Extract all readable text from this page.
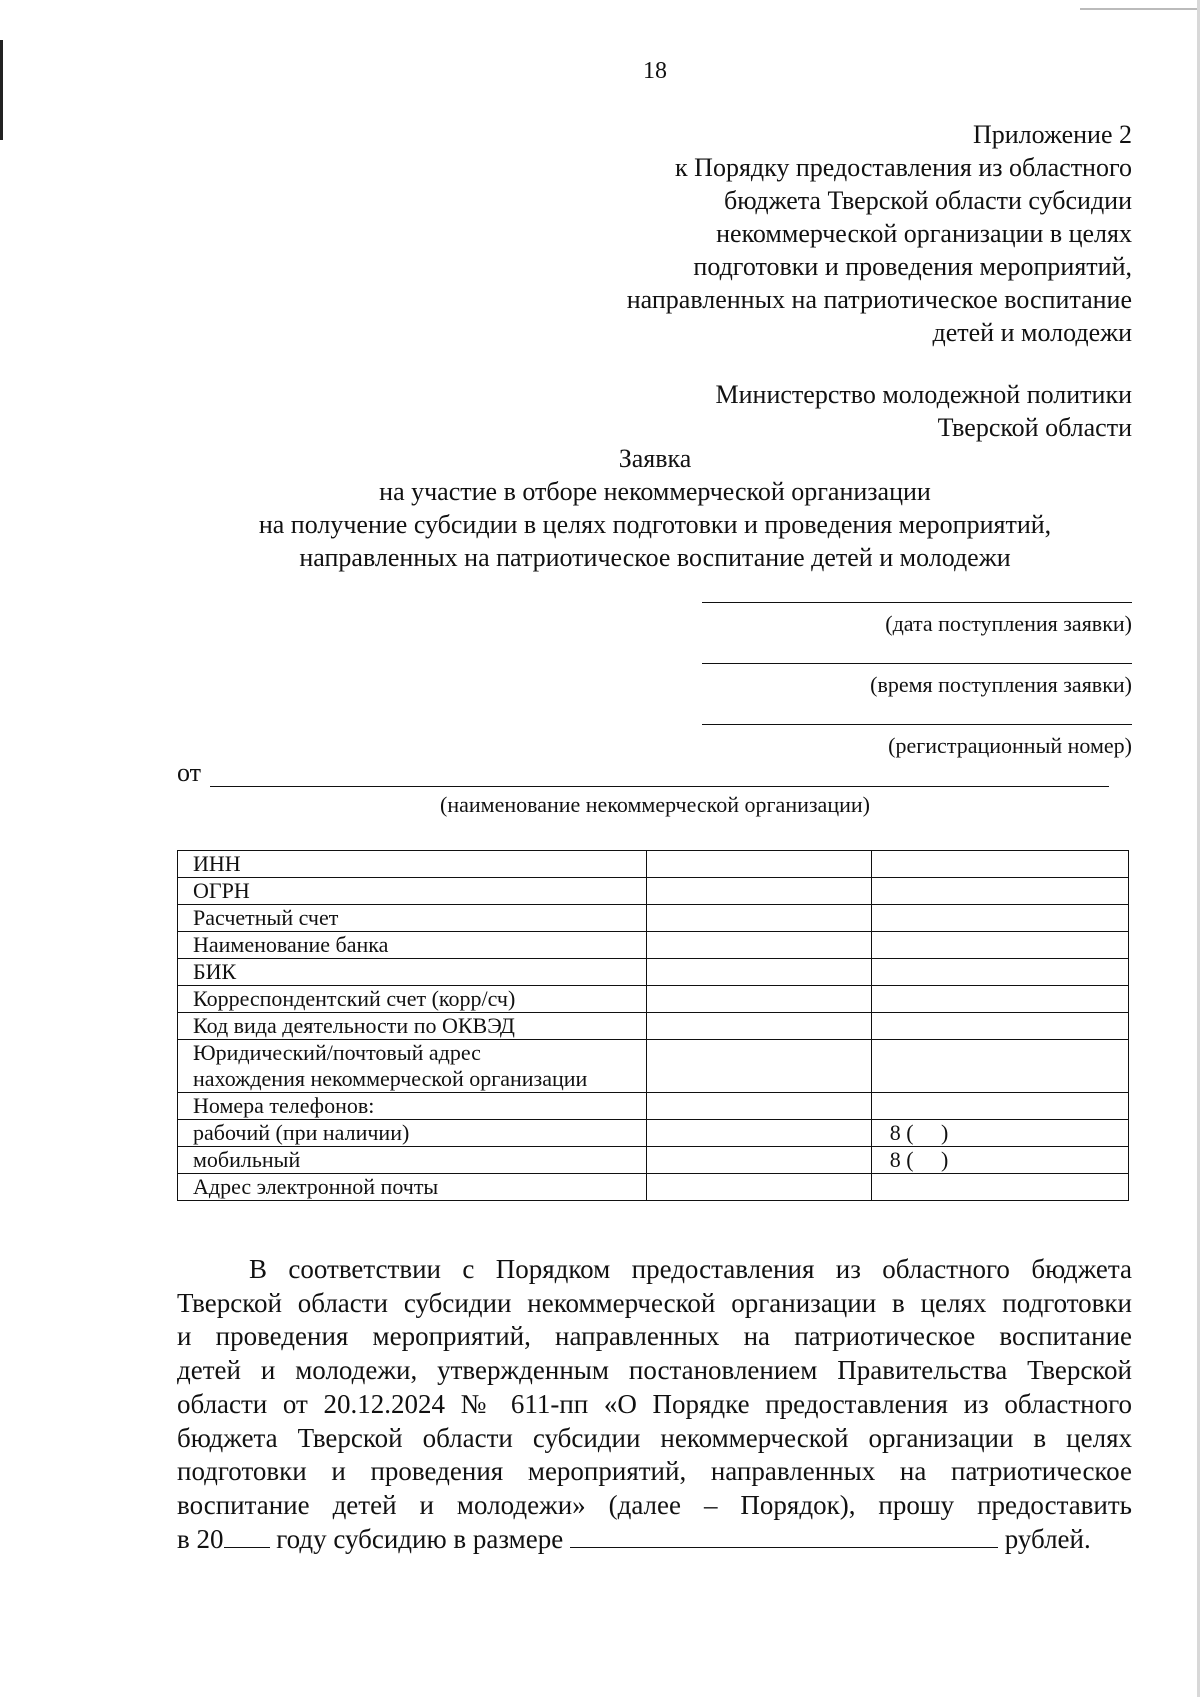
18
Приложение 2
к Порядку предоставления из областного
бюджета Тверской области субсидии
некоммерческой организации в целях
подготовки и проведения мероприятий,
направленных на патриотическое воспитание
детей и молодежи
Министерство молодежной политики
Тверской области
Заявка
на участие в отборе некоммерческой организации
на получение субсидии в целях подготовки и проведения мероприятий,
направленных на патриотическое воспитание детей и молодежи
(дата поступления заявки)
(время поступления заявки)
(регистрационный номер)
от
(наименование некоммерческой организации)
ИНН		
ОГРН		
Расчетный счет		
Наименование банка		
БИК		
Корреспондентский счет (корр/сч)		
Код вида деятельности по ОКВЭД		

Юридический/почтовый адрес
нахождения некоммерческой организации		

Номера телефонов:		
рабочий (при наличии)		8 (     )
мобильный		8 (     )
Адрес электронной почты		

В соответствии с Порядком предоставления из областного бюджета

Тверской области субсидии некоммерческой организации в целях подготовки

и проведения мероприятий, направленных на патриотическое воспитание

детей и молодежи, утвержденным постановлением Правительства Тверской

области от 20.12.2024 № 611-пп «О Порядке предоставления из областного

бюджета Тверской области субсидии некоммерческой организации в целях

подготовки и проведения мероприятий, направленных на патриотическое

воспитание детей и молодежи» (далее – Порядок), прошу предоставить

в 20 году субсидию в размере	рублей.
